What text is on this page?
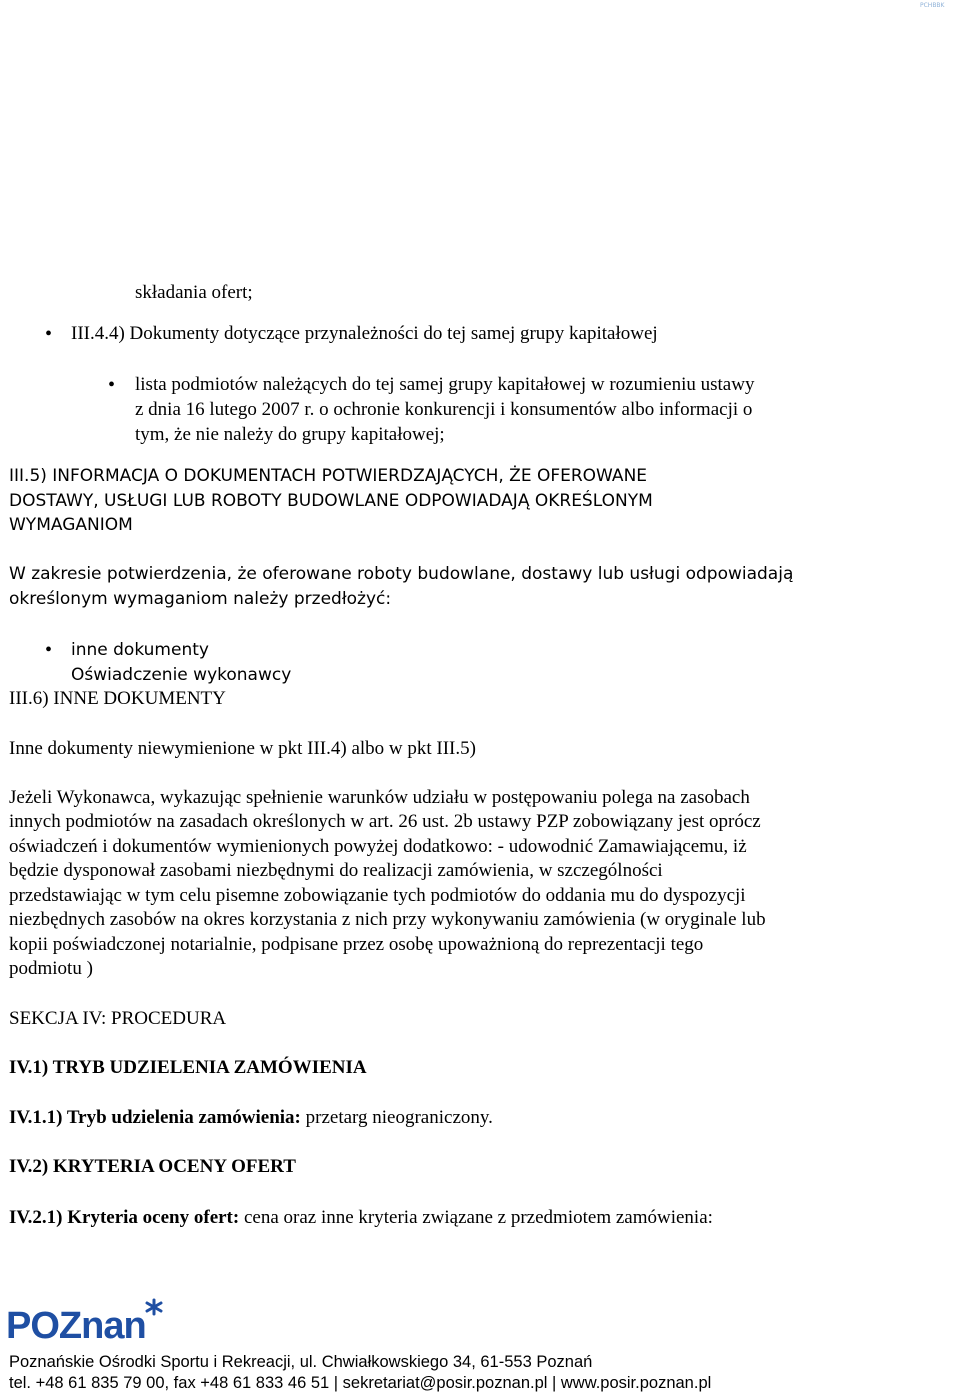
PCHBBK
składania ofert;
• III.4.4) Dokumenty dotyczące przynależności do tej samej grupy kapitałowej
• lista podmiotów należących do tej samej grupy kapitałowej w rozumieniu ustawy
z dnia 16 lutego 2007 r. o ochronie konkurencji i konsumentów albo informacji o
tym, że nie należy do grupy kapitałowej;
III.5) INFORMACJA O DOKUMENTACH POTWIERDZAJĄCYCH, ŻE OFEROWANE
DOSTAWY, USŁUGI LUB ROBOTY BUDOWLANE ODPOWIADAJĄ OKREŚLONYM
WYMAGANIOM
W zakresie potwierdzenia, że oferowane roboty budowlane, dostawy lub usługi odpowiadają
określonym wymaganiom należy przedłożyć:
• inne dokumenty
Oświadczenie wykonawcy
III.6) INNE DOKUMENTY
Inne dokumenty niewymienione w pkt III.4) albo w pkt III.5)
Jeżeli Wykonawca, wykazując spełnienie warunków udziału w postępowaniu polega na zasobach
innych podmiotów na zasadach określonych w art. 26 ust. 2b ustawy PZP zobowiązany jest oprócz
oświadczeń i dokumentów wymienionych powyżej dodatkowo: - udowodnić Zamawiającemu, iż
będzie dysponował zasobami niezbędnymi do realizacji zamówienia, w szczególności
przedstawiając w tym celu pisemne zobowiązanie tych podmiotów do oddania mu do dyspozycji
niezbędnych zasobów na okres korzystania z nich przy wykonywaniu zamówienia (w oryginale lub
kopii poświadczonej notarialnie, podpisane przez osobę upoważnioną do reprezentacji tego
podmiotu )
SEKCJA IV: PROCEDURA
IV.1) TRYB UDZIELENIA ZAMÓWIENIA
IV.1.1) Tryb udzielenia zamówienia: przetarg nieograniczony.
IV.2) KRYTERIA OCENY OFERT
IV.2.1) Kryteria oceny ofert: cena oraz inne kryteria związane z przedmiotem zamówienia:
POZnan
Poznańskie Ośrodki Sportu i Rekreacji, ul. Chwiałkowskiego 34, 61-553 Poznań
tel. +48 61 835 79 00, fax +48 61 833 46 51 | sekretariat@posir.poznan.pl | www.posir.poznan.pl
